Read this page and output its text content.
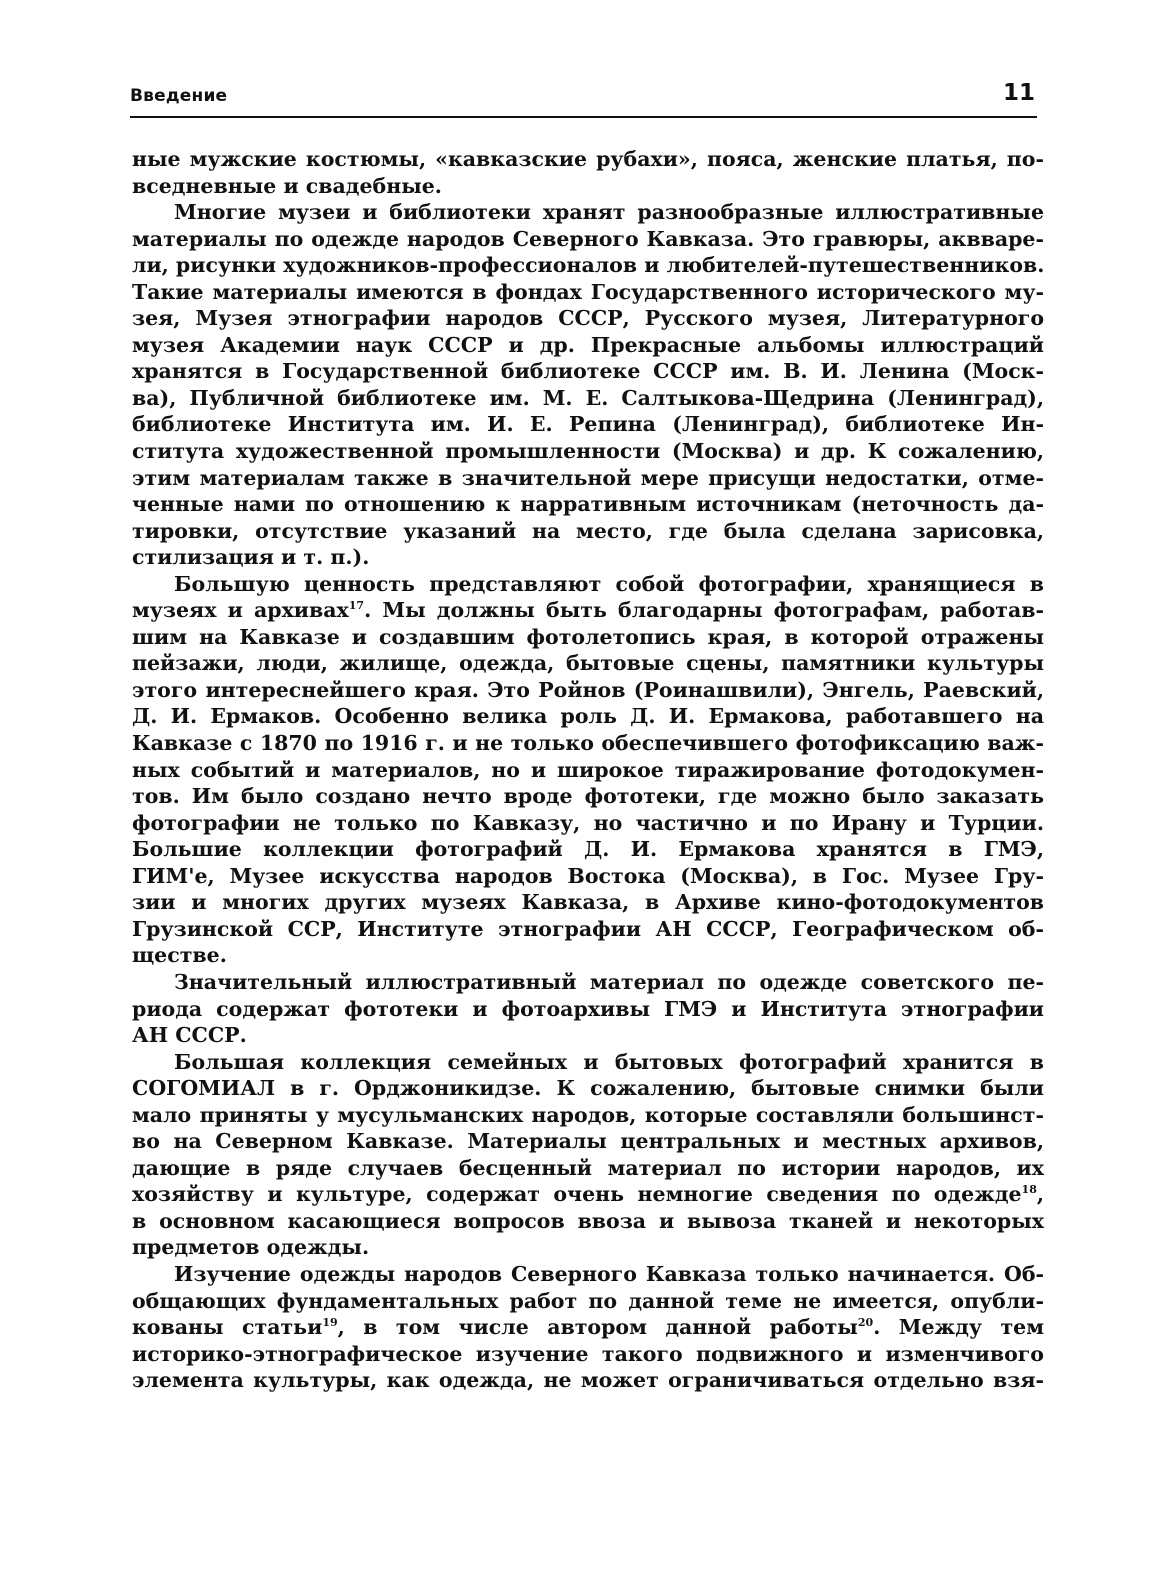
Введение	11
ные мужские костюмы, «кавказские рубахи», пояса, женские платья, по-
вседневные и свадебные.
Многие музеи и библиотеки хранят разнообразные иллюстративные
материалы по одежде народов Северного Кавказа. Это гравюры, аквваре-
ли, рисунки художников-профессионалов и любителей-путешественников.
Такие материалы имеются в фондах Государственного исторического му-
зея, Музея этнографии народов СССР, Русского музея, Литературного
музея Академии наук СССР и др. Прекрасные альбомы иллюстраций
хранятся в Государственной библиотеке СССР им. В. И. Ленина (Моск-
ва), Публичной библиотеке им. М. Е. Салтыкова-Щедрина (Ленинград),
библиотеке Института им. И. Е. Репина (Ленинград), библиотеке Ин-
ститута художественной промышленности (Москва) и др. К сожалению,
этим материалам также в значительной мере присущи недостатки, отме-
ченные нами по отношению к нарративным источникам (неточность да-
тировки, отсутствие указаний на место, где была сделана зарисовка,
стилизация и т. п.).
Большую ценность представляют собой фотографии, хранящиеся в
музеях и архивах$^{17}$. Мы должны быть благодарны фотографам, работав-
шим на Кавказе и создавшим фотолетопись края, в которой отражены
пейзажи, люди, жилище, одежда, бытовые сцены, памятники культуры
этого интереснейшего края. Это Ройнов (Роинашвили), Энгель, Раевский,
Д. И. Ермаков. Особенно велика роль Д. И. Ермакова, работавшего на
Кавказе с 1870 по 1916 г. и не только обеспечившего фотофиксацию важ-
ных событий и материалов, но и широкое тиражирование фотодокумен-
тов. Им было создано нечто вроде фототеки, где можно было заказать
фотографии не только по Кавказу, но частично и по Ирану и Турции.
Большие коллекции фотографий Д. И. Ермакова хранятся в ГМЭ,
ГИМ'е, Музее искусства народов Востока (Москва), в Гос. Музее Гру-
зии и многих других музеях Кавказа, в Архиве кино-фотодокументов
Грузинской ССР, Институте этнографии АН СССР, Географическом об-
ществе.
Значительный иллюстративный материал по одежде советского пе-
риода содержат фототеки и фотоархивы ГМЭ и Института этнографии
АН СССР.
Большая коллекция семейных и бытовых фотографий хранится в
СОГОМИАЛ в г. Орджоникидзе. К сожалению, бытовые снимки были
мало приняты у мусульманских народов, которые составляли большинст-
во на Северном Кавказе. Материалы центральных и местных архивов,
дающие в ряде случаев бесценный материал по истории народов, их
хозяйству и культуре, содержат очень немногие сведения по одежде$^{18}$,
в основном касающиеся вопросов ввоза и вывоза тканей и некоторых
предметов одежды.
Изучение одежды народов Северного Кавказа только начинается. Об-
общающих фундаментальных работ по данной теме не имеется, опубли-
кованы статьи$^{19}$, в том числе автором данной работы$^{20}$. Между тем
историко-этнографическое изучение такого подвижного и изменчивого
элемента культуры, как одежда, не может ограничиваться отдельно взя-
